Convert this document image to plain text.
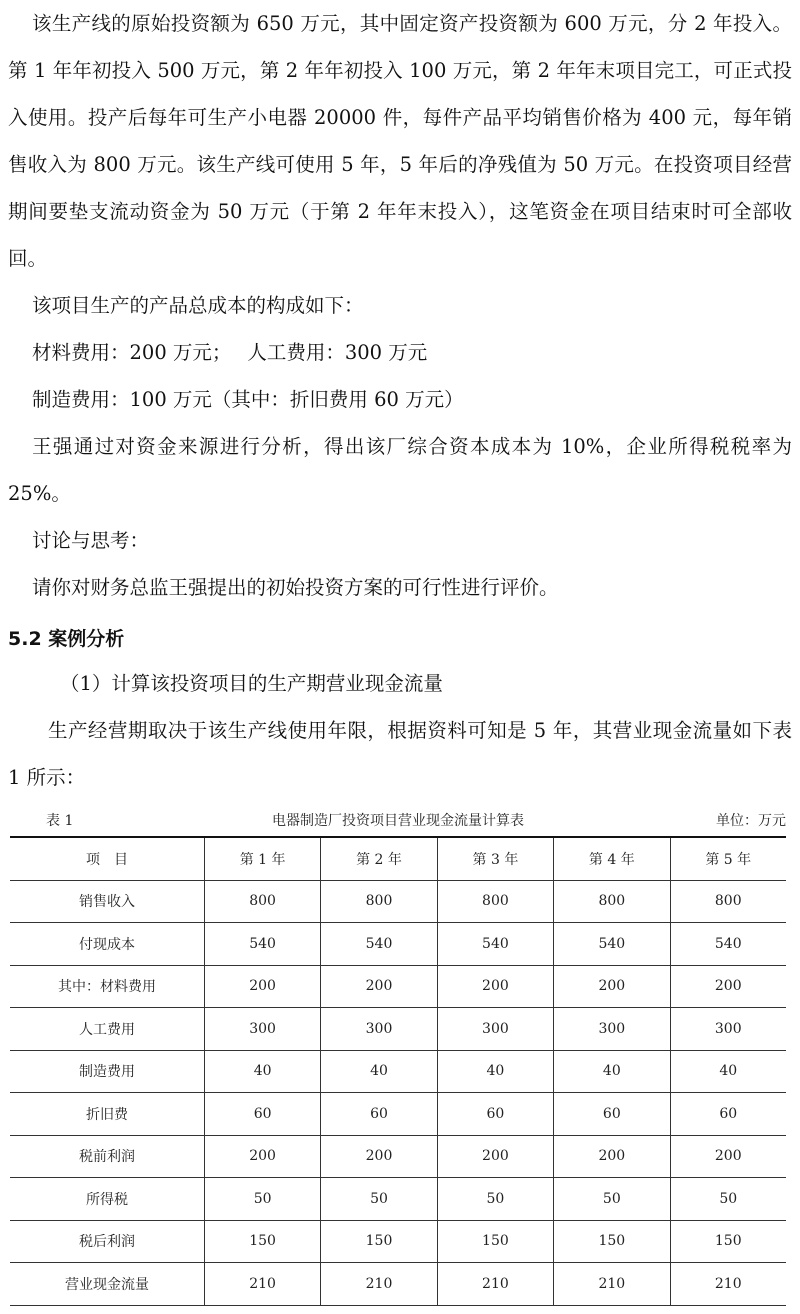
该生产线的原始投资额为 650 万元，其中固定资产投资额为 600 万元，分 2 年投入。第 1 年年初投入 500 万元，第 2 年年初投入 100 万元，第 2 年年末项目完工，可正式投入使用。投产后每年可生产小电器 20000 件，每件产品平均销售价格为 400 元，每年销售收入为 800 万元。该生产线可使用 5 年，5 年后的净残值为 50 万元。在投资项目经营期间要垫支流动资金为 50 万元（于第 2 年年末投入），这笔资金在项目结束时可全部收回。

该项目生产的产品总成本的构成如下：

材料费用：200 万元；　 人工费用：300 万元

制造费用：100 万元（其中：折旧费用 60 万元）

王强通过对资金来源进行分析，得出该厂综合资本成本为 10%，企业所得税税率为 25%。

讨论与思考：

请你对财务总监王强提出的初始投资方案的可行性进行评价。

5.2 案例分析

（1）计算该投资项目的生产期营业现金流量

生产经营期取决于该生产线使用年限，根据资料可知是 5 年，其营业现金流量如下表 1 所示：

电器制造厂投资项目营业现金流量计算表
表 1	单位：万元
项　目	第 1 年	第 2 年	第 3 年	第 4 年	第 5 年
销售收入	800	800	800	800	800
付现成本	540	540	540	540	540
其中：材料费用	200	200	200	200	200
人工费用	300	300	300	300	300
制造费用	40	40	40	40	40
折旧费	60	60	60	60	60
税前利润	200	200	200	200	200
所得税	50	50	50	50	50
税后利润	150	150	150	150	150
营业现金流量	210	210	210	210	210
